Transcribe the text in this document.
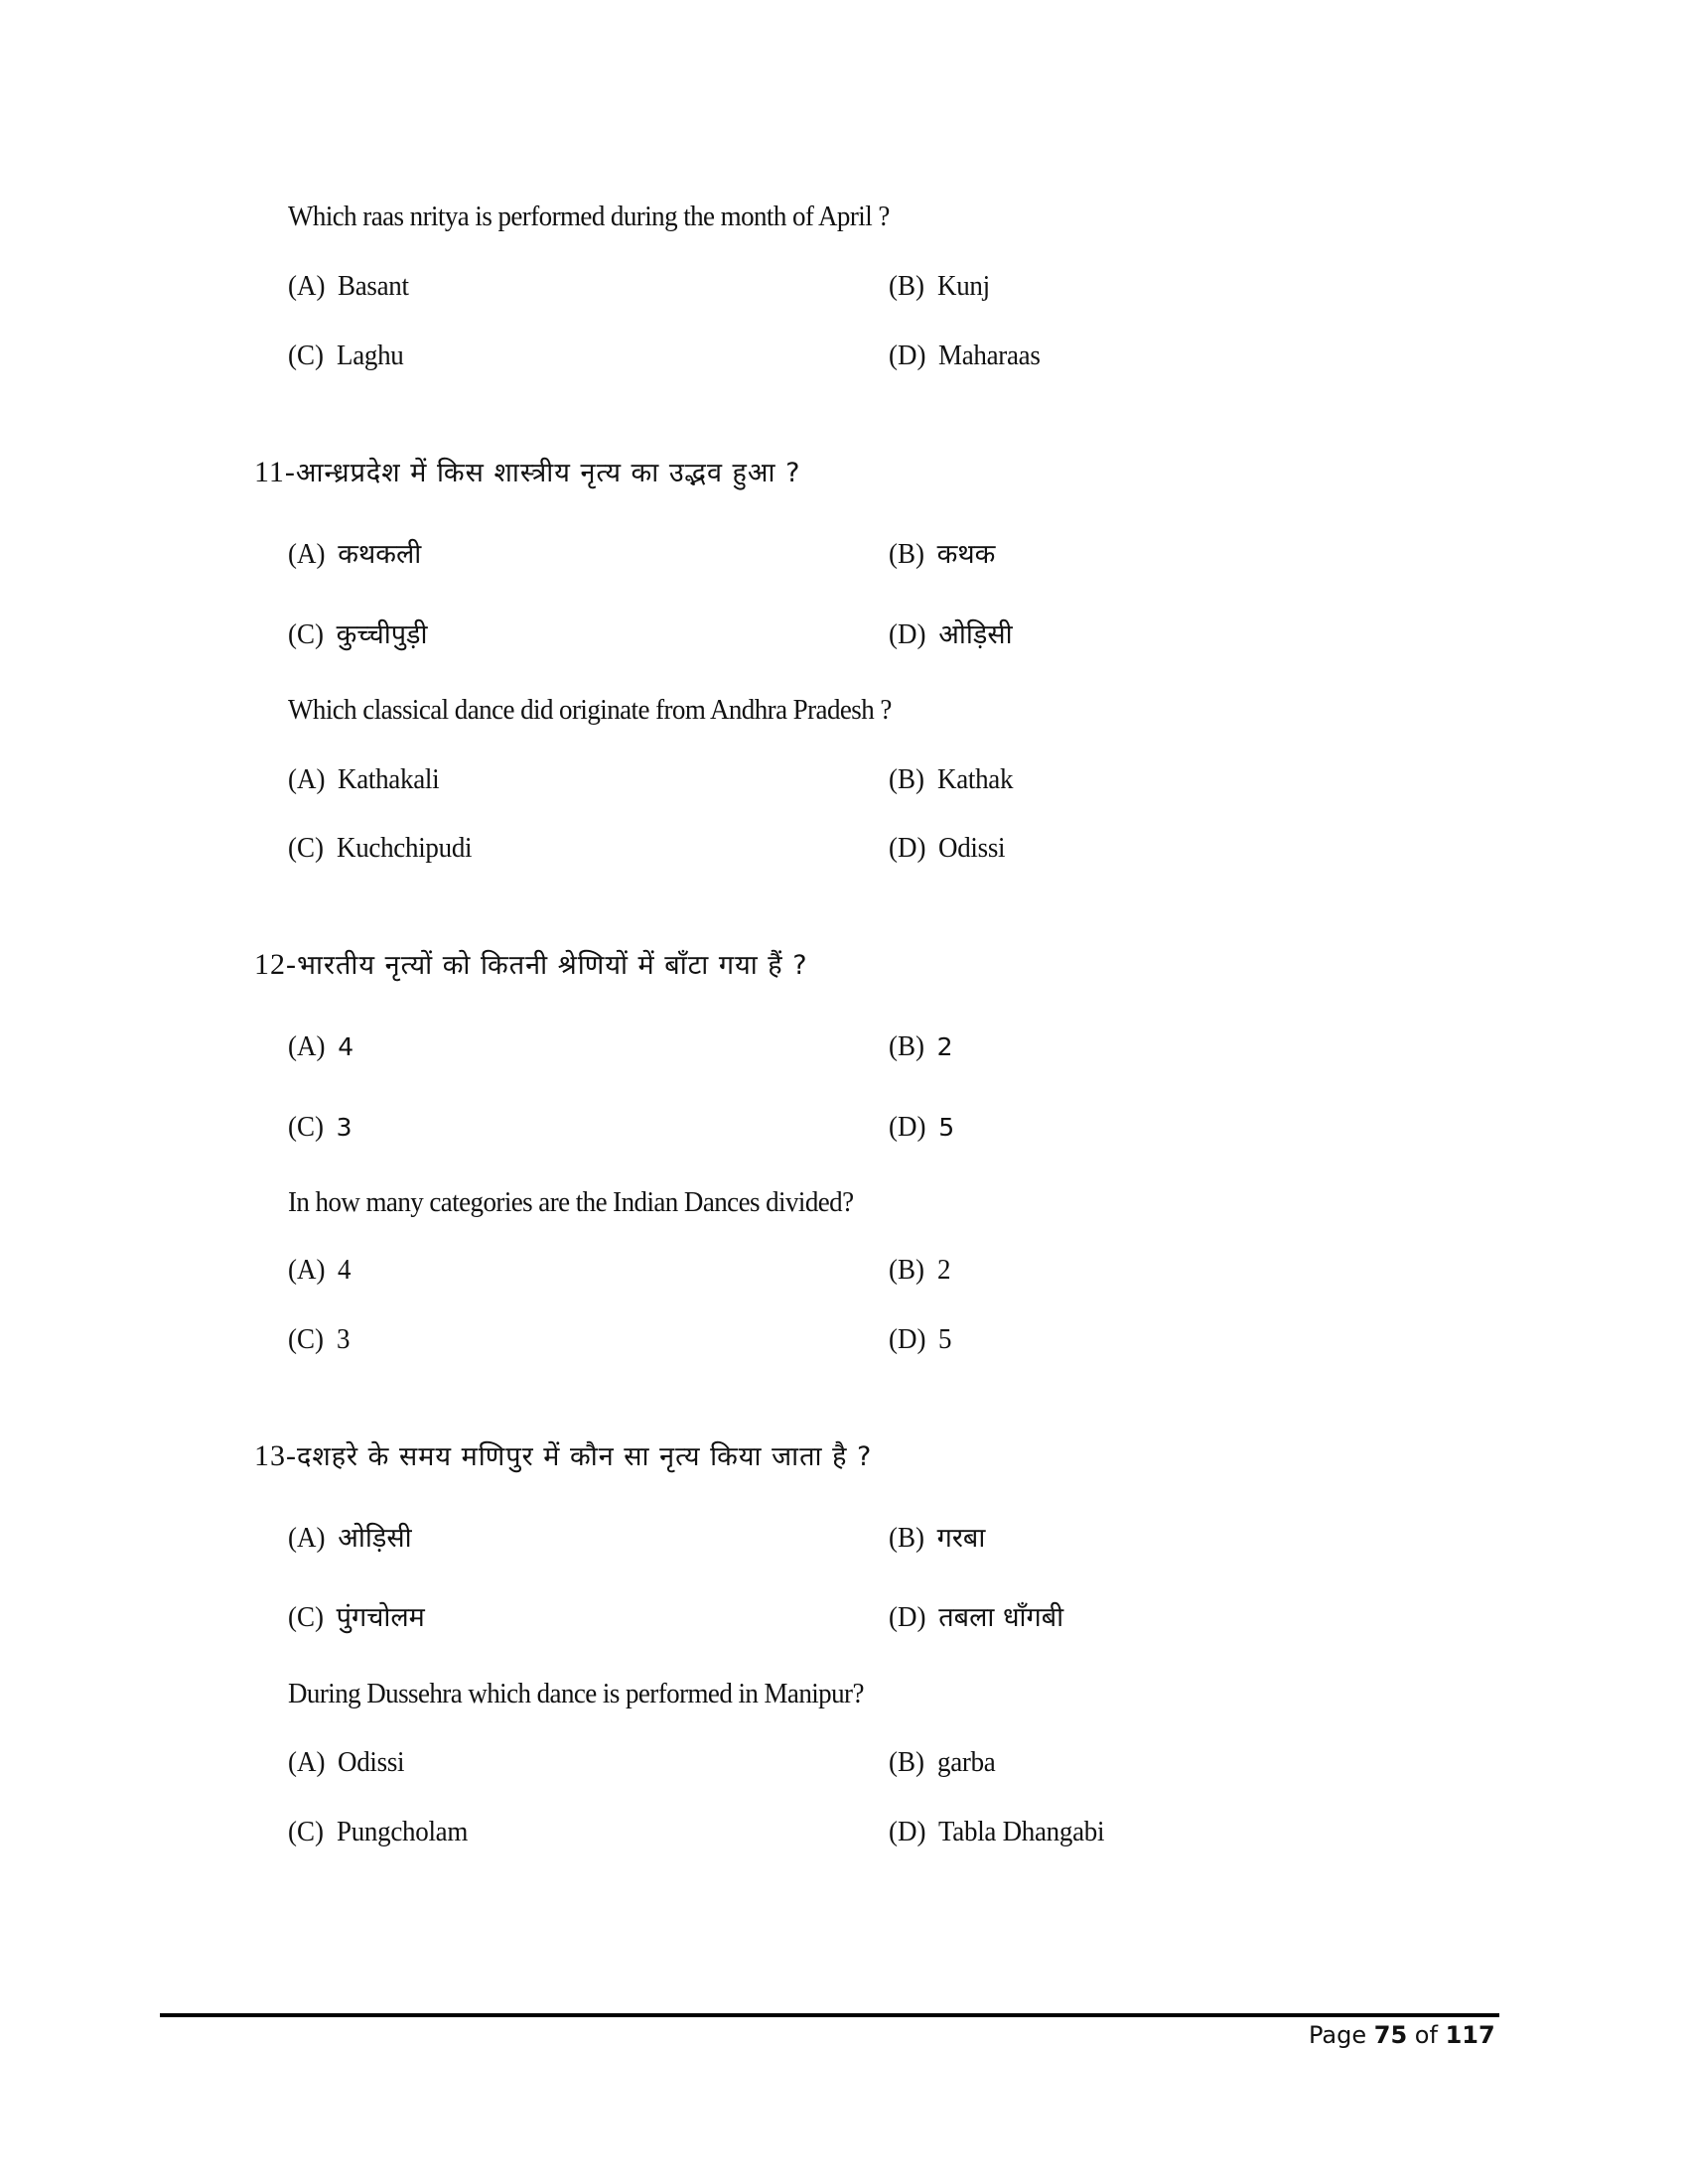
Which raas nritya is performed during the month of April ?
(A) Basant	(B) Kunj
(C) Laghu	(D) Maharaas
11-आन्ध्रप्रदेश में किस शास्त्रीय नृत्य का उद्भव हुआ ?
(A) कथकली	(B) कथक
(C) कुच्चीपुड़ी	(D) ओड़िसी
Which classical dance did originate from Andhra Pradesh ?
(A) Kathakali	(B) Kathak
(C) Kuchchipudi	(D) Odissi
12-भारतीय नृत्यों को कितनी श्रेणियों में बाँटा गया हैं ?
(A) 4	(B) 2
(C) 3	(D) 5
In how many categories are the Indian Dances divided?
(A) 4	(B) 2
(C) 3	(D) 5
13-दशहरे के समय मणिपुर में कौन सा नृत्य किया जाता है ?
(A) ओड़िसी	(B) गरबा
(C) पुंगचोलम	(D) तबला धाँगबी
During Dussehra which dance is performed in Manipur?
(A) Odissi	(B) garba
(C) Pungcholam	(D) Tabla Dhangabi
Page 75 of 117
